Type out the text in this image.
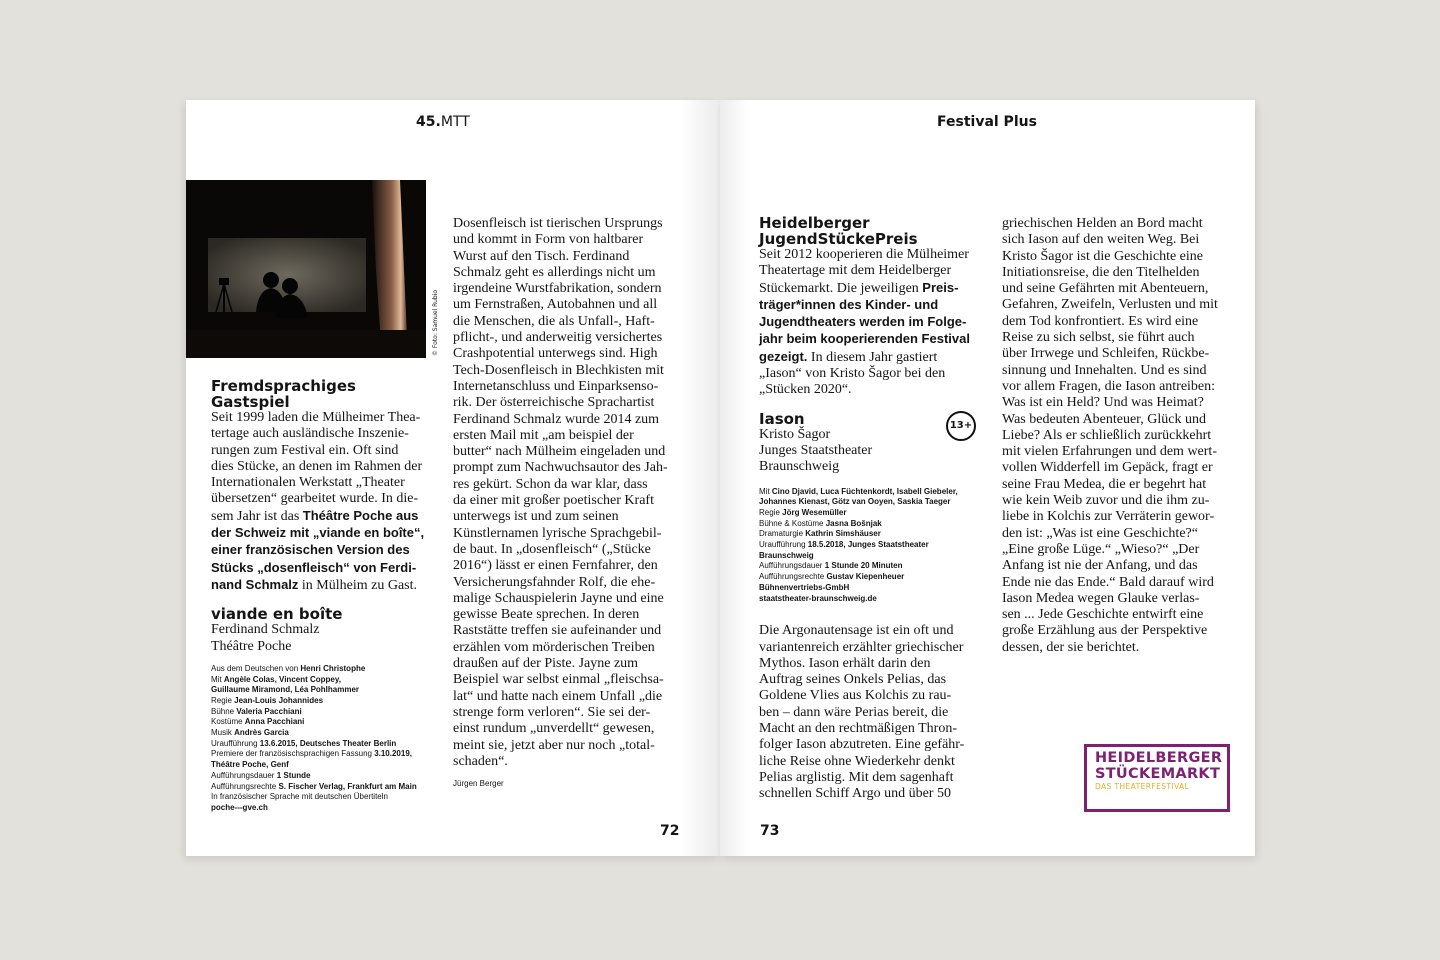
45.MTT
© Foto: Samuel Rubio
Fremdsprachiges
Gastspiel
Seit 1999 laden die Mülheimer Thea-
tertage auch ausländische Inszenie-
rungen zum Festival ein. Oft sind
dies Stücke, an denen im Rahmen der
Internationalen Werkstatt „Theater
übersetzen“ gearbeitet wurde. In die-
sem Jahr ist das Théâtre Poche aus
der Schweiz mit „viande en boîte“,
einer französischen Version des
Stücks „dosenfleisch“ von Ferdi-
nand Schmalz in Mülheim zu Gast.
viande en boîte
Ferdinand Schmalz
Théâtre Poche
Aus dem Deutschen von Henri Christophe
Mit Angèle Colas, Vincent Coppey,
Guillaume Miramond, Léa Pohlhammer
Regie Jean-Louis Johannides
Bühne Valeria Pacchiani
Kostüme Anna Pacchiani
Musik Andrès Garcia
Uraufführung 13.6.2015, Deutsches Theater Berlin
Premiere der französischsprachigen Fassung 3.10.2019,
Théâtre Poche, Genf
Aufführungsdauer 1 Stunde
Aufführungsrechte S. Fischer Verlag, Frankfurt am Main
In französischer Sprache mit deutschen Übertiteln
poche---gve.ch
Dosenfleisch ist tierischen Ursprungs
und kommt in Form von haltbarer
Wurst auf den Tisch. Ferdinand
Schmalz geht es allerdings nicht um
irgendeine Wurstfabrikation, sondern
um Fernstraßen, Autobahnen und all
die Menschen, die als Unfall-, Haft-
pflicht-, und anderweitig versichertes
Crashpotential unterwegs sind. High
Tech-Dosenfleisch in Blechkisten mit
Internetanschluss und Einparksenso-
rik. Der österreichische Sprachartist
Ferdinand Schmalz wurde 2014 zum
ersten Mail mit „am beispiel der
butter“ nach Mülheim eingeladen und
prompt zum Nachwuchsautor des Jah-
res gekürt. Schon da war klar, dass
da einer mit großer poetischer Kraft
unterwegs ist und zum seinen
Künstlernamen lyrische Sprachgebil-
de baut. In „dosenfleisch“ („Stücke
2016“) lässt er einen Fernfahrer, den
Versicherungsfahnder Rolf, die ehe-
malige Schauspielerin Jayne und eine
gewisse Beate sprechen. In deren
Raststätte treffen sie aufeinander und
erzählen vom mörderischen Treiben
draußen auf der Piste. Jayne zum
Beispiel war selbst einmal „fleischsa-
lat“ und hatte nach einem Unfall „die
strenge form verloren“. Sie sei der-
einst rundum „unverdellt“ gewesen,
meint sie, jetzt aber nur noch „total-
schaden“.
Jürgen Berger
72
Festival Plus
Heidelberger
JugendStückePreis
Seit 2012 kooperieren die Mülheimer
Theatertage mit dem Heidelberger
Stückemarkt. Die jeweiligen Preis-
träger*innen des Kinder- und
Jugendtheaters werden im Folge-
jahr beim kooperierenden Festival
gezeigt. In diesem Jahr gastiert
„Iason“ von Kristo Šagor bei den
„Stücken 2020“.
Iason
Kristo Šagor
Junges Staatstheater
Braunschweig
Mit Cino Djavid, Luca Füchtenkordt, Isabell Giebeler,
Johannes Kienast, Götz van Ooyen, Saskia Taeger
Regie Jörg Wesemüller
Bühne & Kostüme Jasna Bošnjak
Dramaturgie Kathrin Simshäuser
Uraufführung 18.5.2018, Junges Staatstheater
Braunschweig
Aufführungsdauer 1 Stunde 20 Minuten
Aufführungsrechte Gustav Kiepenheuer
Bühnenvertriebs-GmbH
staatstheater-braunschweig.de
Die Argonautensage ist ein oft und
variantenreich erzählter griechischer
Mythos. Iason erhält darin den
Auftrag seines Onkels Pelias, das
Goldene Vlies aus Kolchis zu rau-
ben – dann wäre Perias bereit, die
Macht an den rechtmäßigen Thron-
folger Iason abzutreten. Eine gefähr-
liche Reise ohne Wiederkehr denkt
Pelias arglistig. Mit dem sagenhaft
schnellen Schiff Argo und über 50
13+
griechischen Helden an Bord macht
sich Iason auf den weiten Weg. Bei
Kristo Šagor ist die Geschichte eine
Initiationsreise, die den Titelhelden
und seine Gefährten mit Abenteuern,
Gefahren, Zweifeln, Verlusten und mit
dem Tod konfrontiert. Es wird eine
Reise zu sich selbst, sie führt auch
über Irrwege und Schleifen, Rückbe-
sinnung und Innehalten. Und es sind
vor allem Fragen, die Iason antreiben:
Was ist ein Held? Und was Heimat?
Was bedeuten Abenteuer, Glück und
Liebe? Als er schließlich zurückkehrt
mit vielen Erfahrungen und dem wert-
vollen Widderfell im Gepäck, fragt er
seine Frau Medea, die er begehrt hat
wie kein Weib zuvor und die ihm zu-
liebe in Kolchis zur Verräterin gewor-
den ist: „Was ist eine Geschichte?“
„Eine große Lüge.“ „Wieso?“ „Der
Anfang ist nie der Anfang, und das
Ende nie das Ende.“ Bald darauf wird
Iason Medea wegen Glauke verlas-
sen ... Jede Geschichte entwirft eine
große Erzählung aus der Perspektive
dessen, der sie berichtet.
HEIDELBERGER
STÜCKEMARKT
DAS THEATERFESTIVAL
73
